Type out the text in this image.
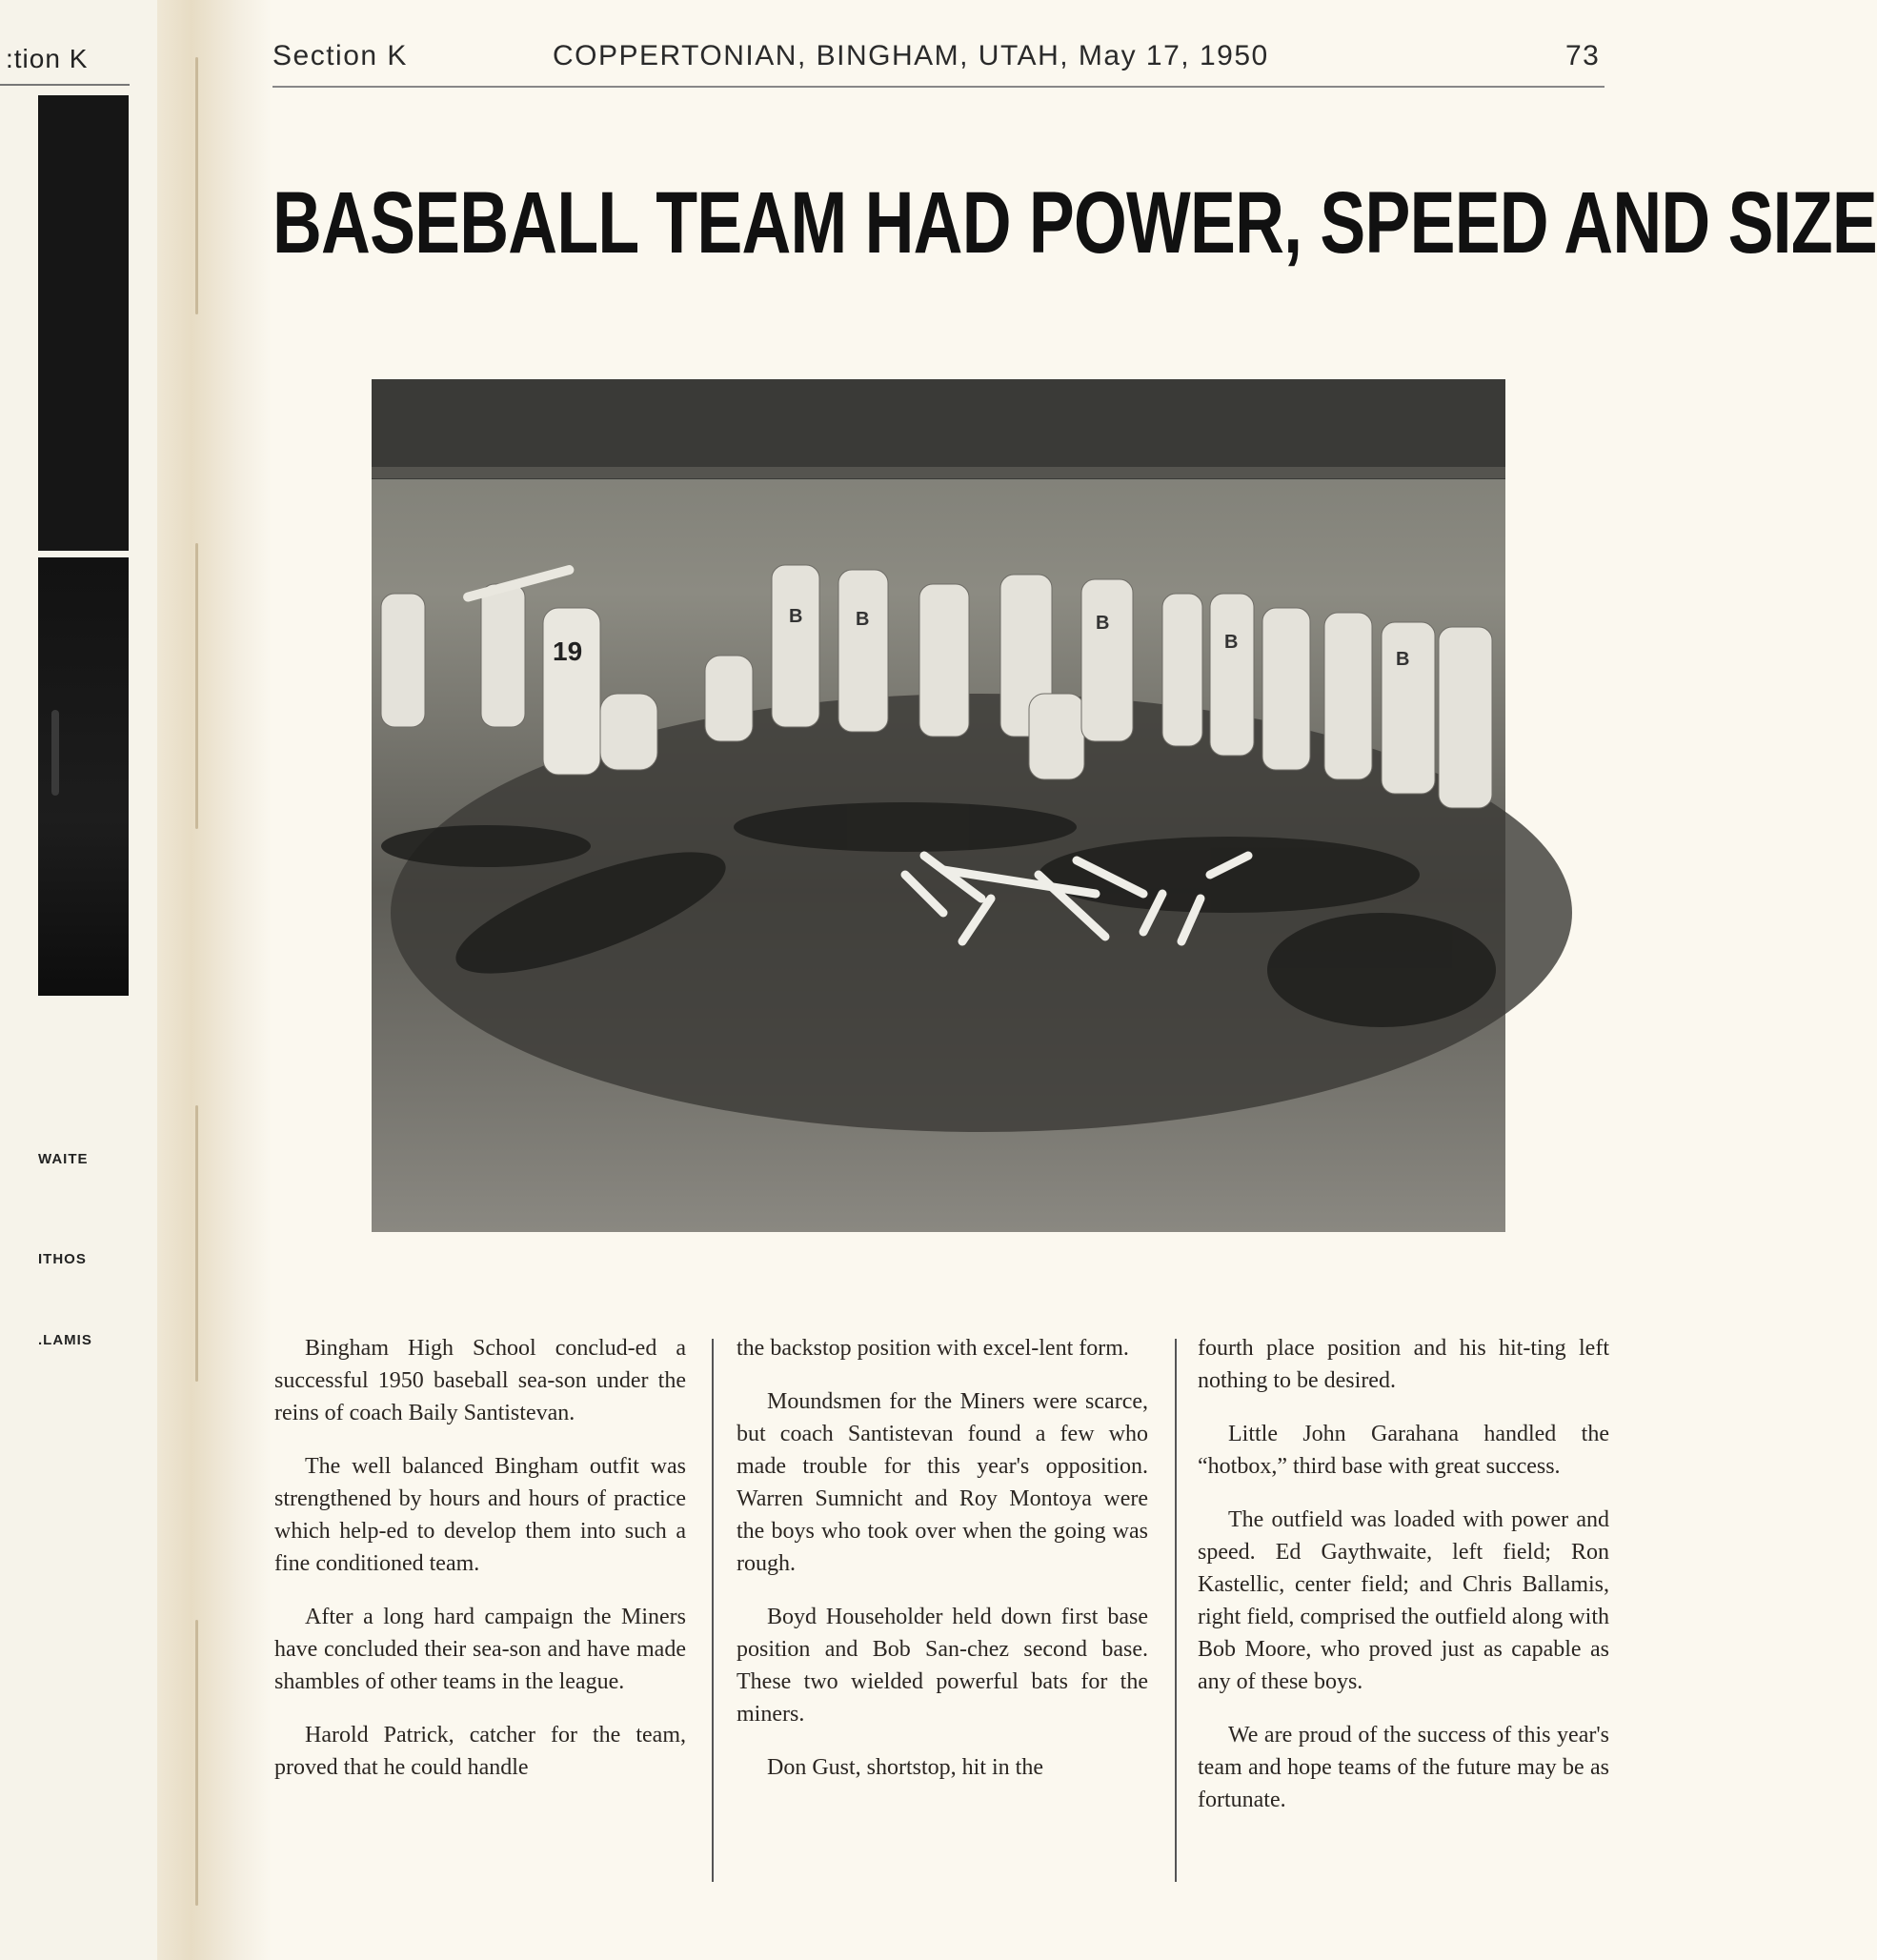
:tion K
WAITE
ITHOS
.LAMIS
Section K	COPPERTONIAN, BINGHAM, UTAH, May 17, 1950	73
BASEBALL TEAM HAD POWER, SPEED AND SIZE
19
B	B	B
B
B

Bingham High School conclud-ed a successful 1950 baseball sea-son under the reins of coach Baily Santistevan.

The well balanced Bingham outfit was strengthened by hours and hours of practice which help-ed to develop them into such a fine conditioned team.

After a long hard campaign the Miners have concluded their sea-son and have made shambles of other teams in the league.

Harold Patrick, catcher for the team, proved that he could handle

the backstop position with excel-lent form.

Moundsmen for the Miners were scarce, but coach Santistevan found a few who made trouble for this year's opposition. Warren Sumnicht and Roy Montoya were the boys who took over when the going was rough.

Boyd Householder held down first base position and Bob San-chez second base. These two wielded powerful bats for the miners.

Don Gust, shortstop, hit in the

fourth place position and his hit-ting left nothing to be desired.

Little John Garahana handled the “hotbox,” third base with great success.

The outfield was loaded with power and speed. Ed Gaythwaite, left field; Ron Kastellic, center field; and Chris Ballamis, right field, comprised the outfield along with Bob Moore, who proved just as capable as any of these boys.

We are proud of the success of this year's team and hope teams of the future may be as fortunate.
